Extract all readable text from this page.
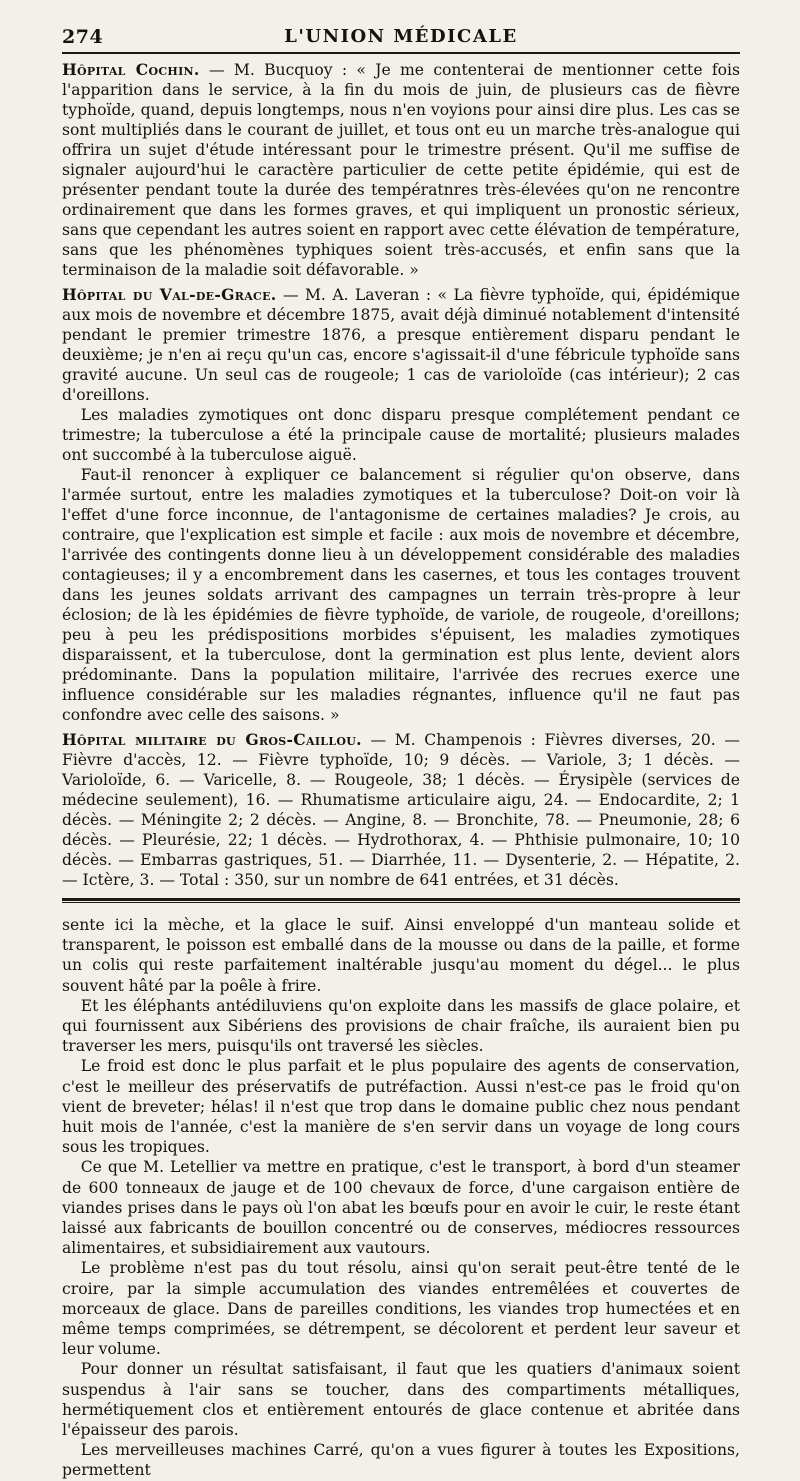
274	L'UNION MÉDICALE

Hôpital Cochin. — M. Bucquoy : « Je me contenterai de mentionner cette fois l'apparition dans le service, à la fin du mois de juin, de plusieurs cas de fièvre typhoïde, quand, depuis longtemps, nous n'en voyions pour ainsi dire plus. Les cas se sont multipliés dans le courant de juillet, et tous ont eu un marche très-analogue qui offrira un sujet d'étude intéressant pour le trimestre présent. Qu'il me suffise de signaler aujourd'hui le caractère particulier de cette petite épidémie, qui est de présenter pendant toute la durée des températnres très-élevées qu'on ne rencontre ordinairement que dans les formes graves, et qui impliquent un pronostic sérieux, sans que cependant les autres soient en rapport avec cette élévation de température, sans que les phénomènes typhiques soient très-accusés, et enfin sans que la terminaison de la maladie soit défavorable. »

Hôpital du Val-de-Grace. — M. A. Laveran : « La fièvre typhoïde, qui, épidémique aux mois de novembre et décembre 1875, avait déjà diminué notablement d'intensité pendant le premier trimestre 1876, a presque entièrement disparu pendant le deuxième; je n'en ai reçu qu'un cas, encore s'agissait-il d'une fébricule typhoïde sans gravité aucune. Un seul cas de rougeole; 1 cas de varioloïde (cas intérieur); 2 cas d'oreillons.

Les maladies zymotiques ont donc disparu presque complétement pendant ce trimestre; la tuberculose a été la principale cause de mortalité; plusieurs malades ont succombé à la tuberculose aiguë.

Faut-il renoncer à expliquer ce balancement si régulier qu'on observe, dans l'armée surtout, entre les maladies zymotiques et la tuberculose? Doit-on voir là l'effet d'une force inconnue, de l'antagonisme de certaines maladies? Je crois, au contraire, que l'explication est simple et facile : aux mois de novembre et décembre, l'arrivée des contingents donne lieu à un développement considérable des maladies contagieuses; il y a encombrement dans les casernes, et tous les contages trouvent dans les jeunes soldats arrivant des campagnes un terrain très-propre à leur éclosion; de là les épidémies de fièvre typhoïde, de variole, de rougeole, d'oreillons; peu à peu les prédispositions morbides s'épuisent, les maladies zymotiques disparaissent, et la tuberculose, dont la germination est plus lente, devient alors prédominante. Dans la population militaire, l'arrivée des recrues exerce une influence considérable sur les maladies régnantes, influence qu'il ne faut pas confondre avec celle des saisons. »

Hôpital militaire du Gros-Caillou. — M. Champenois : Fièvres diverses, 20. — Fièvre d'accès, 12. — Fièvre typhoïde, 10; 9 décès. — Variole, 3; 1 décès. — Varioloïde, 6. — Varicelle, 8. — Rougeole, 38; 1 décès. — Érysipèle (services de médecine seulement), 16. — Rhumatisme articulaire aigu, 24. — Endocardite, 2; 1 décès. — Méningite 2; 2 décès. — Angine, 8. — Bronchite, 78. — Pneumonie, 28; 6 décès. — Pleurésie, 22; 1 décès. — Hydrothorax, 4. — Phthisie pulmonaire, 10; 10 décès. — Embarras gastriques, 51. — Diarrhée, 11. — Dysenterie, 2. — Hépatite, 2. — Ictère, 3. — Total : 350, sur un nombre de 641 entrées, et 31 décès.

sente ici la mèche, et la glace le suif. Ainsi enveloppé d'un manteau solide et transparent, le poisson est emballé dans de la mousse ou dans de la paille, et forme un colis qui reste parfaitement inaltérable jusqu'au moment du dégel... le plus souvent hâté par la poêle à frire.

Et les éléphants antédiluviens qu'on exploite dans les massifs de glace polaire, et qui fournissent aux Sibériens des provisions de chair fraîche, ils auraient bien pu traverser les mers, puisqu'ils ont traversé les siècles.

Le froid est donc le plus parfait et le plus populaire des agents de conservation, c'est le meilleur des préservatifs de putréfaction. Aussi n'est-ce pas le froid qu'on vient de breveter; hélas! il n'est que trop dans le domaine public chez nous pendant huit mois de l'année, c'est la manière de s'en servir dans un voyage de long cours sous les tropiques.

Ce que M. Letellier va mettre en pratique, c'est le transport, à bord d'un steamer de 600 tonneaux de jauge et de 100 chevaux de force, d'une cargaison entière de viandes prises dans le pays où l'on abat les bœufs pour en avoir le cuir, le reste étant laissé aux fabricants de bouillon concentré ou de conserves, médiocres ressources alimentaires, et subsidiairement aux vautours.

Le problème n'est pas du tout résolu, ainsi qu'on serait peut-être tenté de le croire, par la simple accumulation des viandes entremêlées et couvertes de morceaux de glace. Dans de pareilles conditions, les viandes trop humectées et en même temps comprimées, se détrempent, se décolorent et perdent leur saveur et leur volume.

Pour donner un résultat satisfaisant, il faut que les quatiers d'animaux soient suspendus à l'air sans se toucher, dans des compartiments métalliques, hermétiquement clos et entièrement entourés de glace contenue et abritée dans l'épaisseur des parois.

Les merveilleuses machines Carré, qu'on a vues figurer à toutes les Expositions, permettent
